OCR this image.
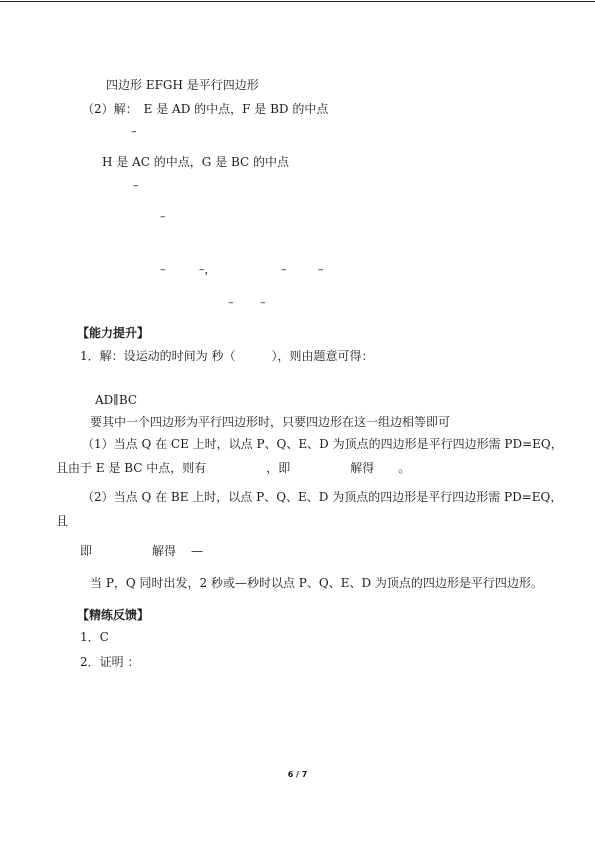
四边形 EFGH 是平行四边形
（2）解：　E 是 AD 的中点，F 是 BD 的中点
–
H 是 AC 的中点，G 是 BC 的中点
–
–
–	–，	–	–
– –
【能力提升】
1．解：设运动的时间为 秒（　　　），则由题意可得：
AD∥BC
要其中一个四边形为平行四边形时，只要四边形在这一组边相等即可
（1）当点 Q 在 CE 上时，以点 P、Q、E、D 为顶点的四边形是平行四边形需 PD=EQ，
且由于 E 是 BC 中点，则有　　　　　，即　　　　　解得　　。
（2）当点 Q 在 BE 上时，以点 P、Q、E、D 为顶点的四边形是平行四边形需 PD=EQ，
且
即	解得 —
当 P，Q 同时出发，2 秒或—秒时以点 P、Q、E、D 为顶点的四边形是平行四边形。
【精练反馈】
1．C
2．证明 ：
6 / 7
